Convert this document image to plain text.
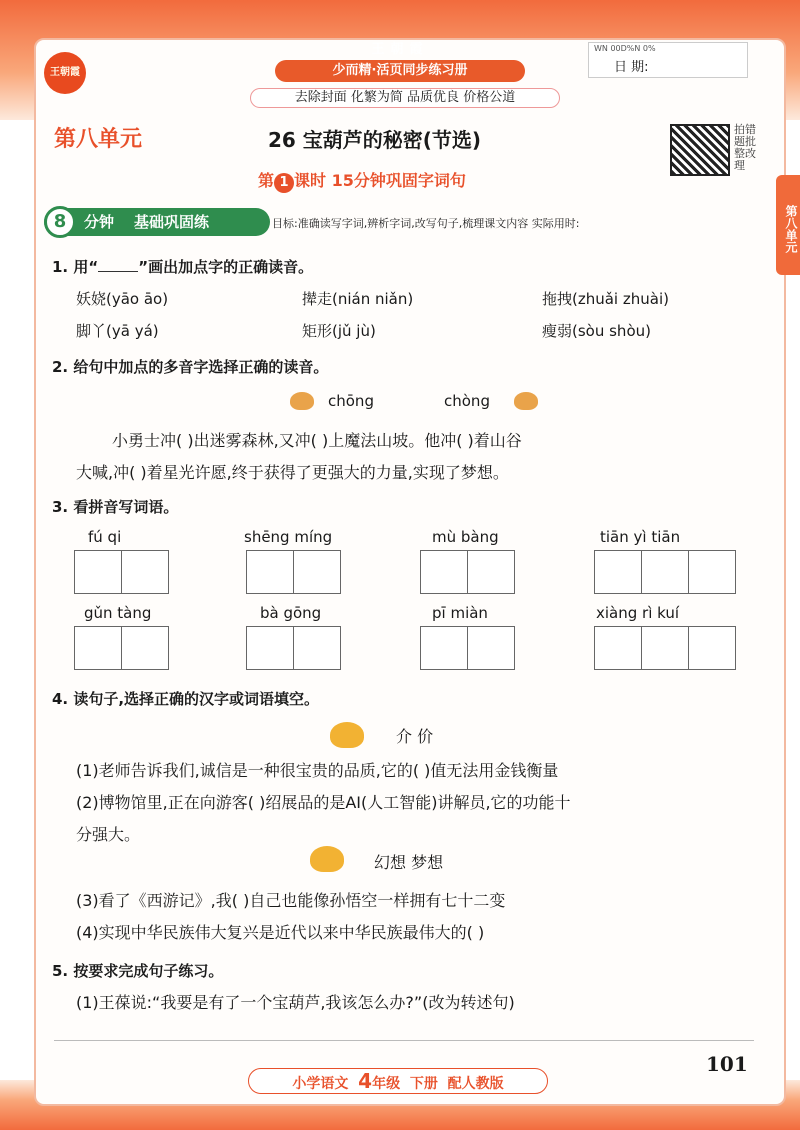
第八单元
王朝霞
王朝霞
少而精·活页同步练习册
去除封面 化繁为简 品质优良 价格公道
WN 00D%N 0%
日 期:
第八单元	26 宝葫芦的秘密(节选)	拍错题批整改理
第 1 课时 15分钟巩固字词句
8	分钟 基础巩固练	目标:准确读写字词,辨析字词,改写句子,梳理课文内容 实际用时:
1. 用“	”画出加点字的正确读音。
妖娆(yāo āo)	撵走(nián niǎn)	拖拽(zhuǎi zhuài)
脚丫(yā yá)	矩形(jǔ jù)	瘦弱(sòu shòu)
2. 给句中加点的多音字选择正确的读音。
chōng	chòng
小勇士冲( )出迷雾森林,又冲( )上魔法山坡。他冲( )着山谷
大喊,冲( )着星光许愿,终于获得了更强大的力量,实现了梦想。
3. 看拼音写词语。
fú qi	shēng míng	mù bàng	tiān yì tiān
gǔn tàng	bà gōng	pī miàn	xiàng rì kuí
4. 读句子,选择正确的汉字或词语填空。
介 价
(1)老师告诉我们,诚信是一种很宝贵的品质,它的( )值无法用金钱衡量
(2)博物馆里,正在向游客( )绍展品的是AI(人工智能)讲解员,它的功能十
分强大。
幻想 梦想
(3)看了《西游记》,我( )自己也能像孙悟空一样拥有七十二变
(4)实现中华民族伟大复兴是近代以来中华民族最伟大的( )
5. 按要求完成句子练习。
(1)王葆说:“我要是有了一个宝葫芦,我该怎么办?”(改为转述句)
小学语文 4年级 下册 配人教版
101
